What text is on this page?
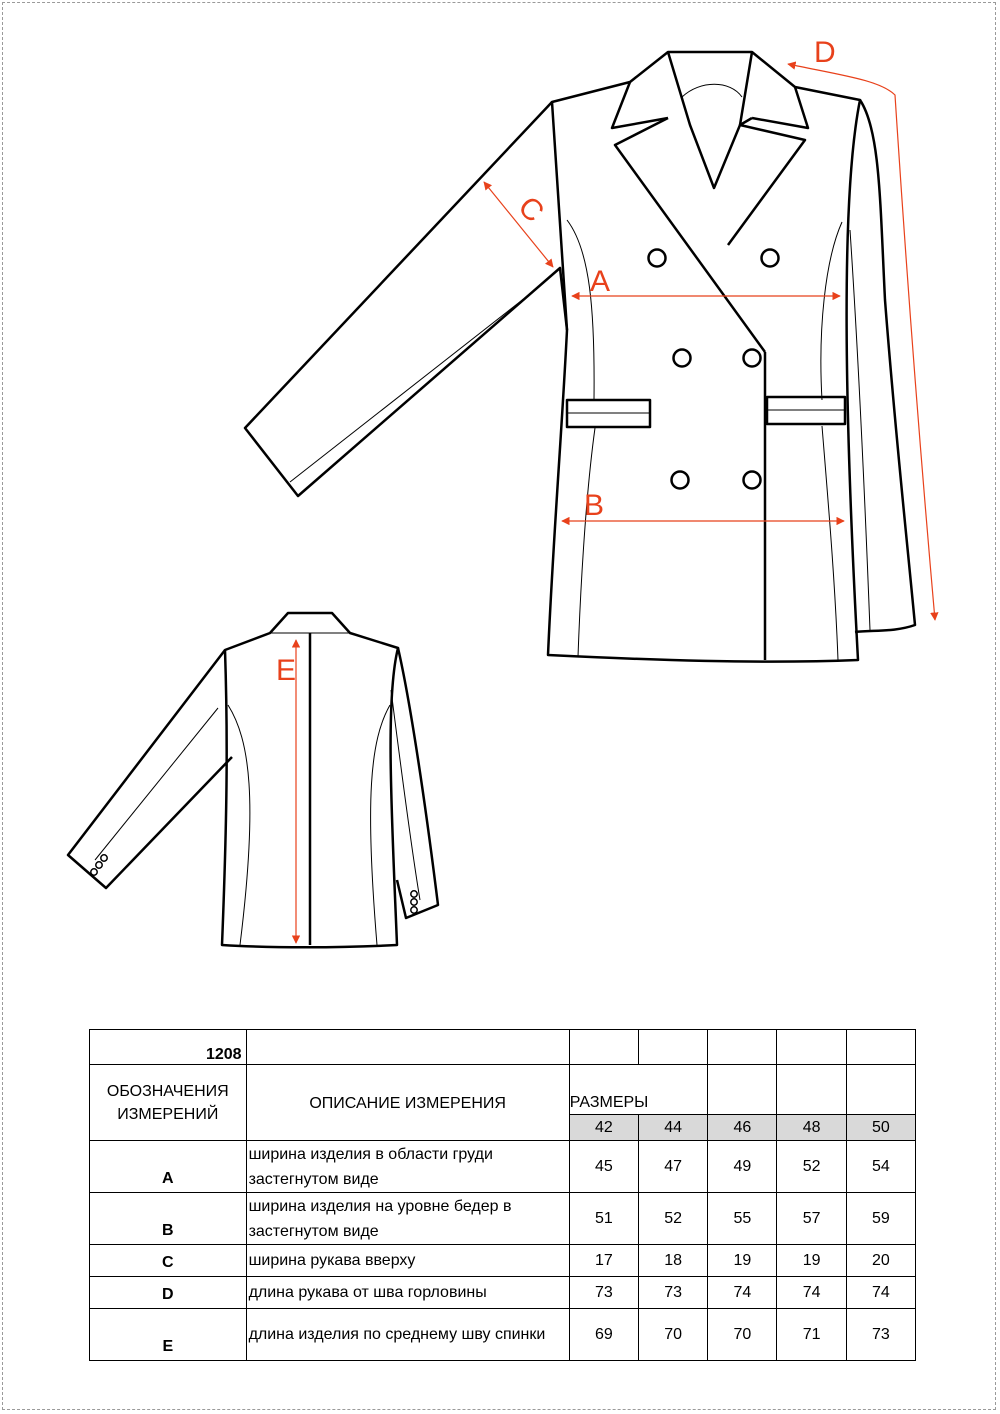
A
B
C
D
E
1208						
ОБОЗНАЧЕНИЯ
ИЗМЕРЕНИЙ	ОПИСАНИЕ ИЗМЕРЕНИЯ	РАЗМЕРЫ				
		42	44	46	48	50
A	ширина изделия в области груди застегнутом виде	45	47	49	52	54
B	ширина изделия на уровне бедер в застегнутом виде	51	52	55	57	59
C	ширина рукава вверху	17	18	19	19	20
D	длина рукава от шва горловины	73	73	74	74	74
E	длина изделия по среднему шву спинки	69	70	70	71	73
